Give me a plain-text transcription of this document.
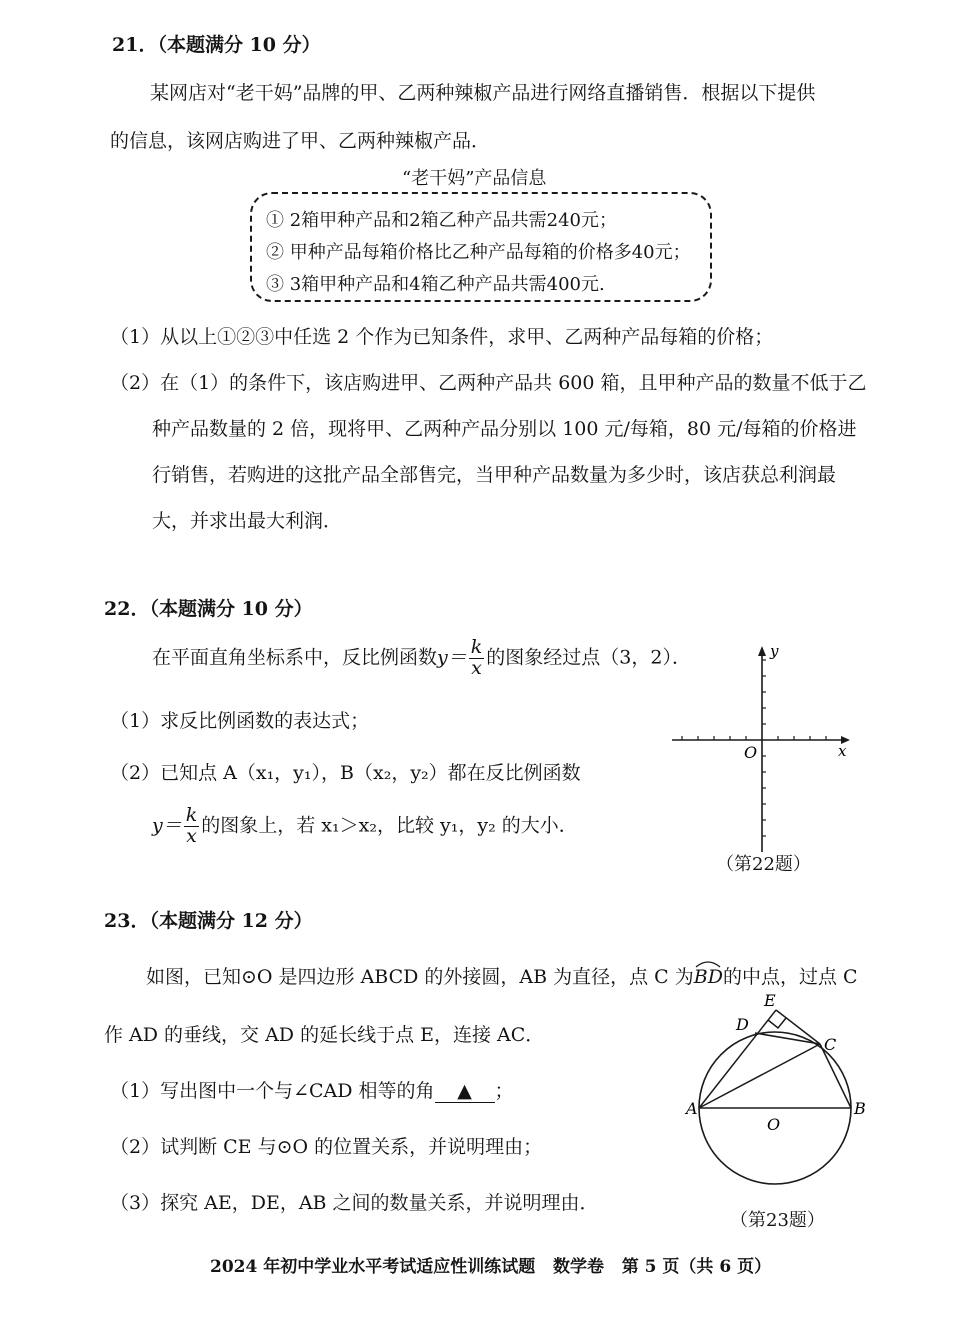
21．（本题满分 10 分）
某网店对“老干妈”品牌的甲、乙两种辣椒产品进行网络直播销售．根据以下提供
的信息，该网店购进了甲、乙两种辣椒产品．
“老干妈”产品信息
① 2箱甲种产品和2箱乙种产品共需240元；
② 甲种产品每箱价格比乙种产品每箱的价格多40元；
③ 3箱甲种产品和4箱乙种产品共需400元.
（1）从以上①②③中任选 2 个作为已知条件，求甲、乙两种产品每箱的价格；
（2）在（1）的条件下，该店购进甲、乙两种产品共 600 箱，且甲种产品的数量不低于乙
种产品数量的 2 倍，现将甲、乙两种产品分别以 100 元/每箱，80 元/每箱的价格进
行销售，若购进的这批产品全部售完，当甲种产品数量为多少时，该店获总利润最
大，并求出最大利润．
22．（本题满分 10 分）
在平面直角坐标系中，反比例函数$y= \frac{k}{x}$ 的图象经过点（3，2）．
（1）求反比例函数的表达式；
（2）已知点 A（x₁，y₁），B（x₂，y₂）都在反比例函数
$y= \frac{k}{x}$ 的图象上，若 x₁＞x₂，比较 y₁，y₂ 的大小．
y
x
O
（第22题）
23．（本题满分 12 分）
如图，已知⊙O 是四边形 ABCD 的外接圆，AB 为直径，点 C 为
BD的中点，过点 C
作 AD 的垂线，交 AD 的延长线于点 E，连接 AC．
（1）写出图中一个与∠CAD 相等的角 ▲ ；
（2）试判断 CE 与⊙O 的位置关系，并说明理由；
（3）探究 AE，DE，AB 之间的数量关系，并说明理由．
A	B
C
D
E
O
（第23题）
2024 年初中学业水平考试适应性训练试题   数学卷   第 5 页（共 6 页）
